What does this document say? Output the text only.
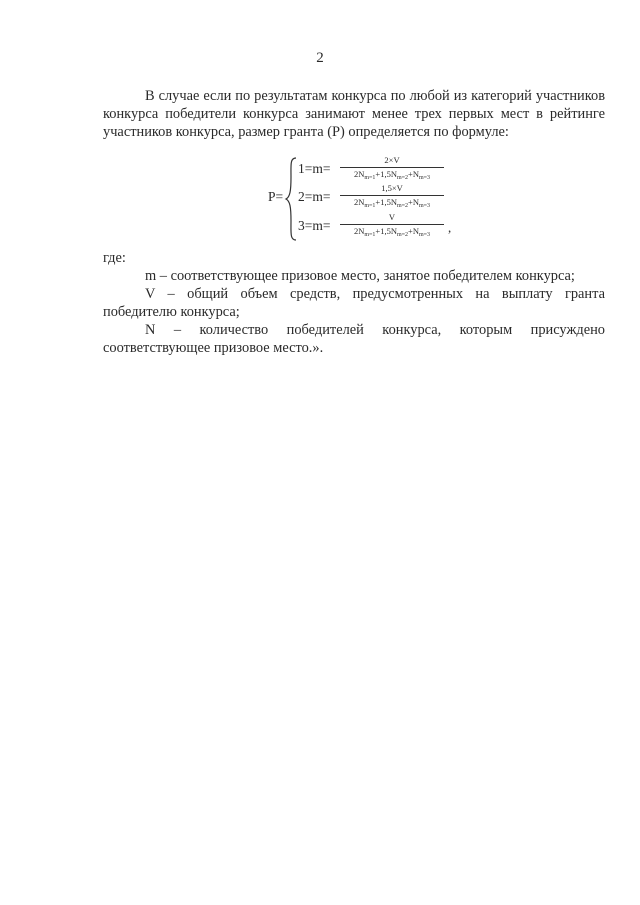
2
В случае если по результатам конкурса по любой из категорий участников конкурса победители конкурса занимают менее трех первых мест в рейтинге участников конкурса, размер гранта (Р) определяется по формуле:
P=
1=m=
2×V
$2N_{m=1}+1,5N_{m=2}+N_{m=3}$
2=m=
1,5×V
$2N_{m=1}+1,5N_{m=2}+N_{m=3}$
3=m=
V
$2N_{m=1}+1,5N_{m=2}+N_{m=3}$	,

где:

m – соответствующее призовое место, занятое победителем конкурса;

V – общий объем средств, предусмотренных на выплату гранта победителю конкурса;

N – количество победителей конкурса, которым присуждено соответствующее призовое место.».
